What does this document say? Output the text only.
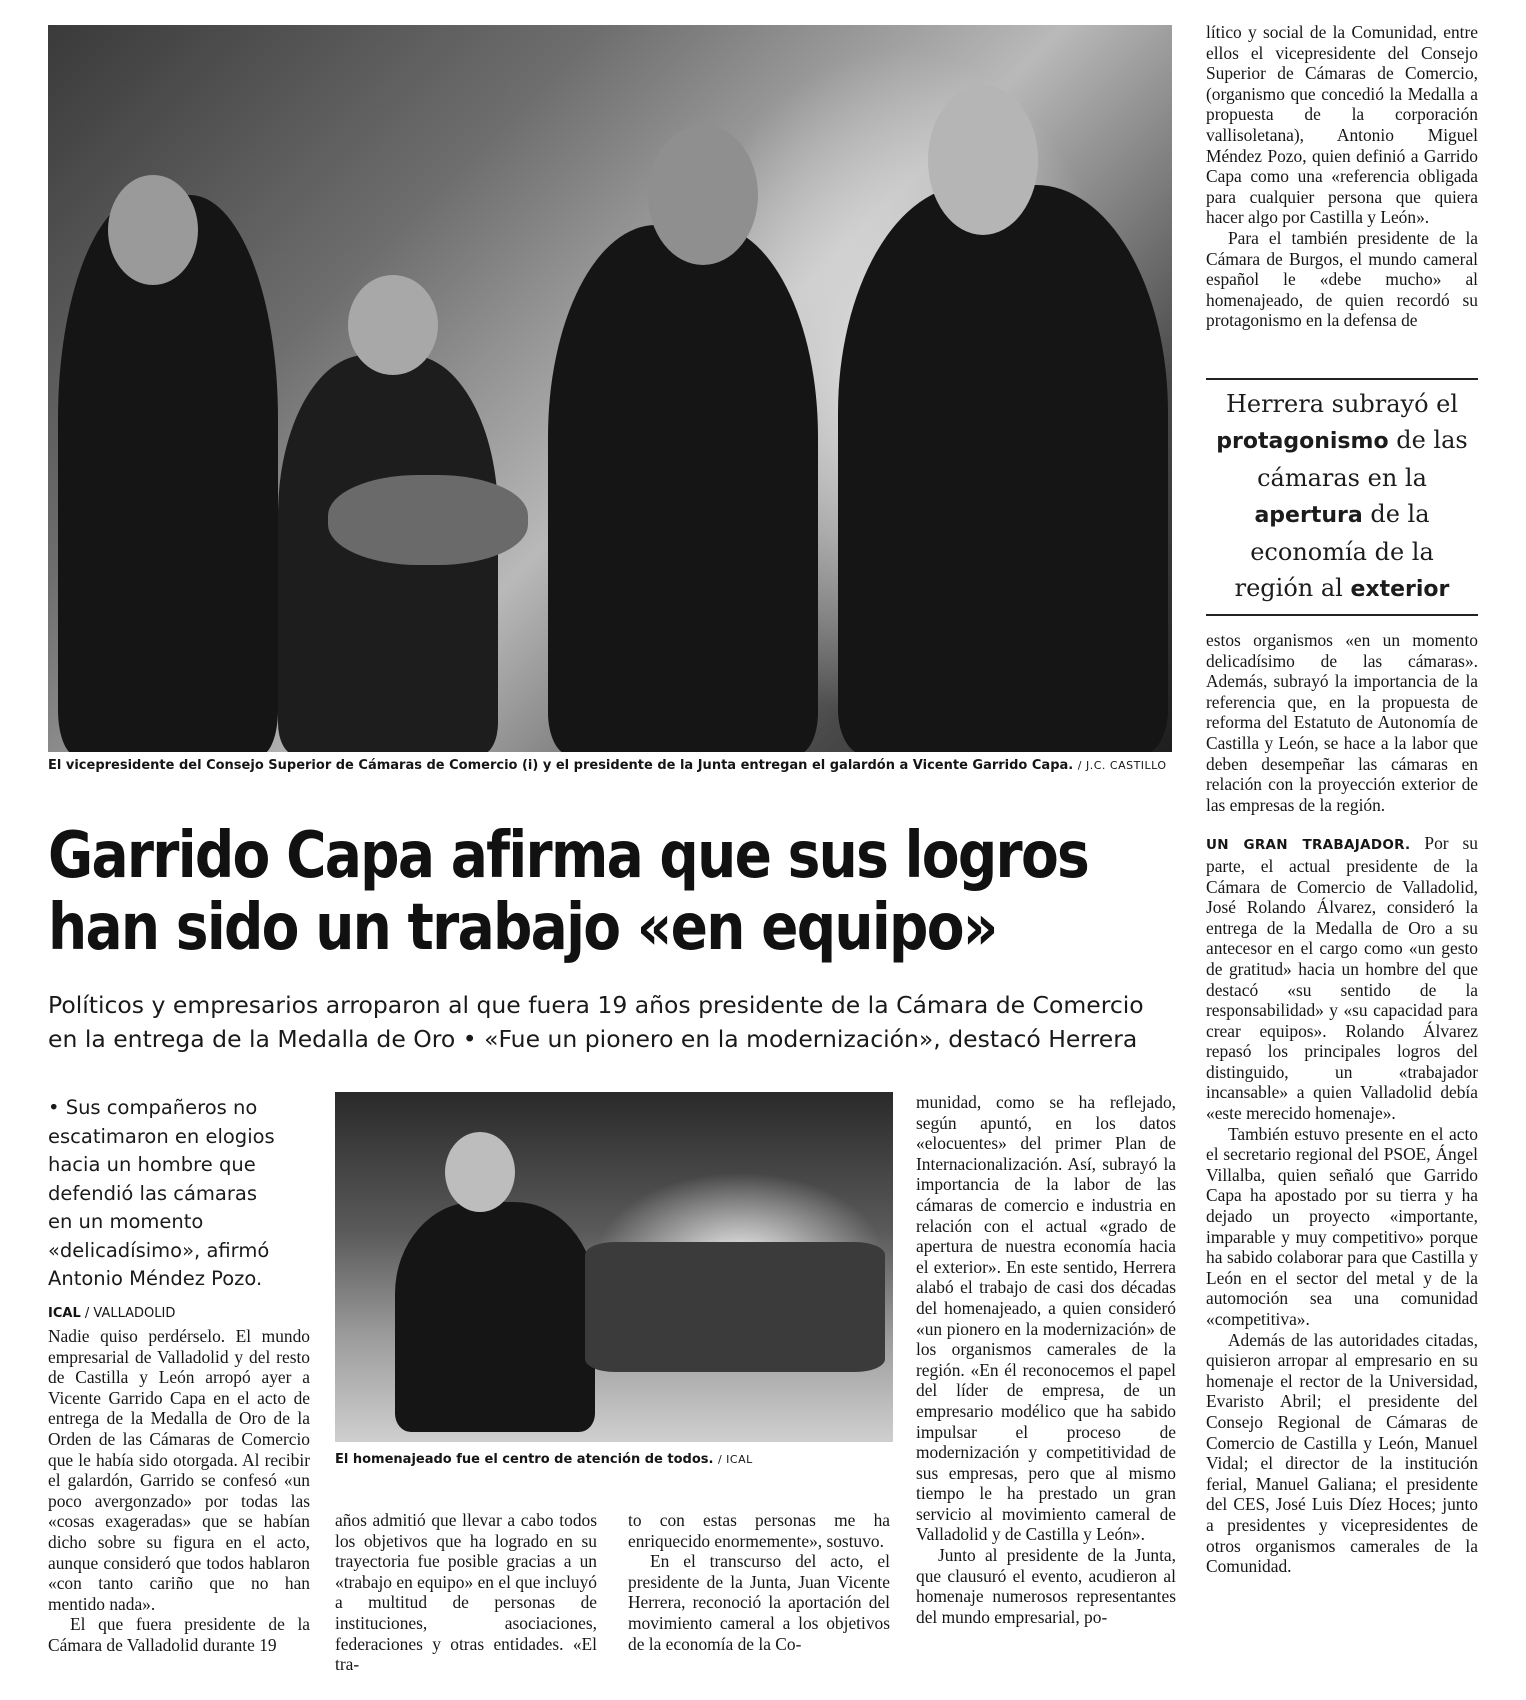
El vicepresidente del Consejo Superior de Cámaras de Comercio (i) y el presidente de la Junta entregan el galardón a Vicente Garrido Capa. / J.C. CASTILLO
Garrido Capa afirma que sus logros
han sido un trabajo «en equipo»
Políticos y empresarios arroparon al que fuera 19 años presidente de la Cámara de Comercio
en la entrega de la Medalla de Oro • «Fue un pionero en la modernización», destacó Herrera
• Sus compañeros no escatimaron en elogios hacia un hombre que defendió las cámaras en un momento «delicadísimo», afirmó Antonio Méndez Pozo.
ICAL / VALLADOLID

Nadie quiso perdérselo. El mundo empresarial de Valladolid y del resto de Castilla y León arropó ayer a Vicente Garrido Capa en el acto de entrega de la Medalla de Oro de la Orden de las Cámaras de Comercio que le había sido otorgada. Al recibir el galardón, Garrido se confesó «un poco avergonzado» por todas las «cosas exageradas» que se habían dicho sobre su figura en el acto, aunque consideró que todos hablaron «con tanto cariño que no han mentido nada».

El que fuera presidente de la Cámara de Valladolid durante 19

El homenajeado fue el centro de atención de todos. / ICAL

años admitió que llevar a cabo todos los objetivos que ha logrado en su trayectoria fue posible gracias a un «trabajo en equipo» en el que incluyó a multitud de personas de instituciones, asociaciones, federaciones y otras entidades. «El tra-

to con estas personas me ha enriquecido enormemente», sostuvo.

En el transcurso del acto, el presidente de la Junta, Juan Vicente Herrera, reconoció la aportación del movimiento cameral a los objetivos de la economía de la Co-

munidad, como se ha reflejado, según apuntó, en los datos «elocuentes» del primer Plan de Internacionalización. Así, subrayó la importancia de la labor de las cámaras de comercio e industria en relación con el actual «grado de apertura de nuestra economía hacia el exterior». En este sentido, Herrera alabó el trabajo de casi dos décadas del homenajeado, a quien consideró «un pionero en la modernización» de los organismos camerales de la región. «En él reconocemos el papel del líder de empresa, de un empresario modélico que ha sabido impulsar el proceso de modernización y competitividad de sus empresas, pero que al mismo tiempo le ha prestado un gran servicio al movimiento cameral de Valladolid y de Castilla y León».

Junto al presidente de la Junta, que clausuró el evento, acudieron al homenaje numerosos representantes del mundo empresarial, po-

lítico y social de la Comunidad, entre ellos el vicepresidente del Consejo Superior de Cámaras de Comercio, (organismo que concedió la Medalla a propuesta de la corporación vallisoletana), Antonio Miguel Méndez Pozo, quien definió a Garrido Capa como una «referencia obligada para cualquier persona que quiera hacer algo por Castilla y León».

Para el también presidente de la Cámara de Burgos, el mundo cameral español le «debe mucho» al homenajeado, de quien recordó su protagonismo en la defensa de

Herrera subrayó el protagonismo de las cámaras en la apertura de la economía de la región al exterior

estos organismos «en un momento delicadísimo de las cámaras». Además, subrayó la importancia de la referencia que, en la propuesta de reforma del Estatuto de Autonomía de Castilla y León, se hace a la labor que deben desempeñar las cámaras en relación con la proyección exterior de las empresas de la región.

UN GRAN TRABAJADOR. Por su parte, el actual presidente de la Cámara de Comercio de Valladolid, José Rolando Álvarez, consideró la entrega de la Medalla de Oro a su antecesor en el cargo como «un gesto de gratitud» hacia un hombre del que destacó «su sentido de la responsabilidad» y «su capacidad para crear equipos». Rolando Álvarez repasó los principales logros del distinguido, un «trabajador incansable» a quien Valladolid debía «este merecido homenaje».

También estuvo presente en el acto el secretario regional del PSOE, Ángel Villalba, quien señaló que Garrido Capa ha apostado por su tierra y ha dejado un proyecto «importante, imparable y muy competitivo» porque ha sabido colaborar para que Castilla y León en el sector del metal y de la automoción sea una comunidad «competitiva».

Además de las autoridades citadas, quisieron arropar al empresario en su homenaje el rector de la Universidad, Evaristo Abril; el presidente del Consejo Regional de Cámaras de Comercio de Castilla y León, Manuel Vidal; el director de la institución ferial, Manuel Galiana; el presidente del CES, José Luis Díez Hoces; junto a presidentes y vicepresidentes de otros organismos camerales de la Comunidad.
